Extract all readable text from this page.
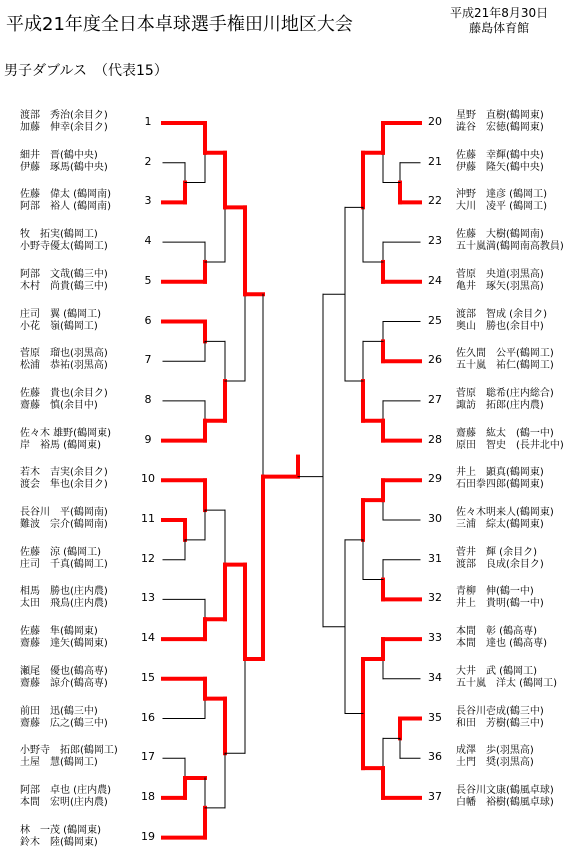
平成21年度全日本卓球選手権田川地区大会
平成21年8月30日
藤島体育館
男子ダブルス　（代表15）
渡部　秀治(余目ク)
加藤　伸幸(余目ク)	1
細井　晋(鶴中央)
伊藤　琢馬(鶴中央)	2
佐藤　偉太 (鶴岡南)
阿部　裕人 (鶴岡南)	3
牧　拓実(鶴岡工)
小野寺優太(鶴岡工)	4
阿部　文哉(鶴三中)
木村　尚貴(鶴三中)	5
庄司　翼 (鶴岡工)
小花　嶺(鶴岡工)	6
菅原　瑠也(羽黒高)
松浦　恭祐(羽黒高)	7
佐藤　貴也(余目ク)
齋藤　慎(余目中)	8
佐々木 雄野(鶴岡東)
岸　裕馬 (鶴岡東)	9
若木　吉実(余目ク)
渡会　隼也(余目ク)	10
長谷川　平(鶴岡南)
難波　宗介(鶴岡南)	11
佐藤　涼 (鶴岡工)
庄司　千真(鶴岡工)	12
相馬　勝也(庄内農)
太田　飛鳥(庄内農)	13
佐藤　隼(鶴岡東)
齋藤　達矢(鶴岡東)	14
瀬尾　優也(鶴高専)
齋藤　諒介(鶴高専)	15
前田　迅(鶴三中)
齋藤　広之(鶴三中)	16
小野寺　拓郎(鶴岡工)
土屋　慧(鶴岡工)	17
阿部　卓也 (庄内農)
本間　宏明(庄内農)	18
林　一茂 (鶴岡東)
鈴木　陸(鶴岡東)	19
20	星野　直樹(鶴岡東)
澁谷　宏徳(鶴岡東)
21	佐藤　幸輝(鶴中央)
伊藤　隆矢(鶴中央)
22	沖野　達彦 (鶴岡工)
大川　凌平 (鶴岡工)
23	佐藤　大樹(鶴岡南)
五十嵐満(鶴岡南高教員)
24	菅原　央道(羽黒高)
亀井　琢矢(羽黒高)
25	渡部　智成 (余目ク)
奥山　勝也(余目中)
26	佐久間　公平(鶴岡工)
五十嵐　祐仁(鶴岡工)
27	菅原　聡希(庄内総合)
諏訪　拓郎(庄内農)
28	齋藤　紘太　(鶴一中)
原田　智史　(長井北中)
29	井上　顕真(鶴岡東)
石田拳四郎(鶴岡東)
30	佐々木明来人(鶴岡東)
三浦　綜太(鶴岡東)
31	菅井　輝 (余目ク)
渡部　良成(余目ク)
32	青柳　伸(鶴一中)
井上　貴明(鶴一中)
33	本間　彰 (鶴高専)
本間　達也 (鶴高専)
34	大井　武 (鶴岡工)
五十嵐　洋太 (鶴岡工)
35	長谷川壱成(鶴三中)
和田　芳樹(鶴三中)
36	成澤　歩(羽黒高)
土門　奨(羽黒高)
37	長谷川文康(鶴風卓球)
白幡　裕樹(鶴風卓球)
